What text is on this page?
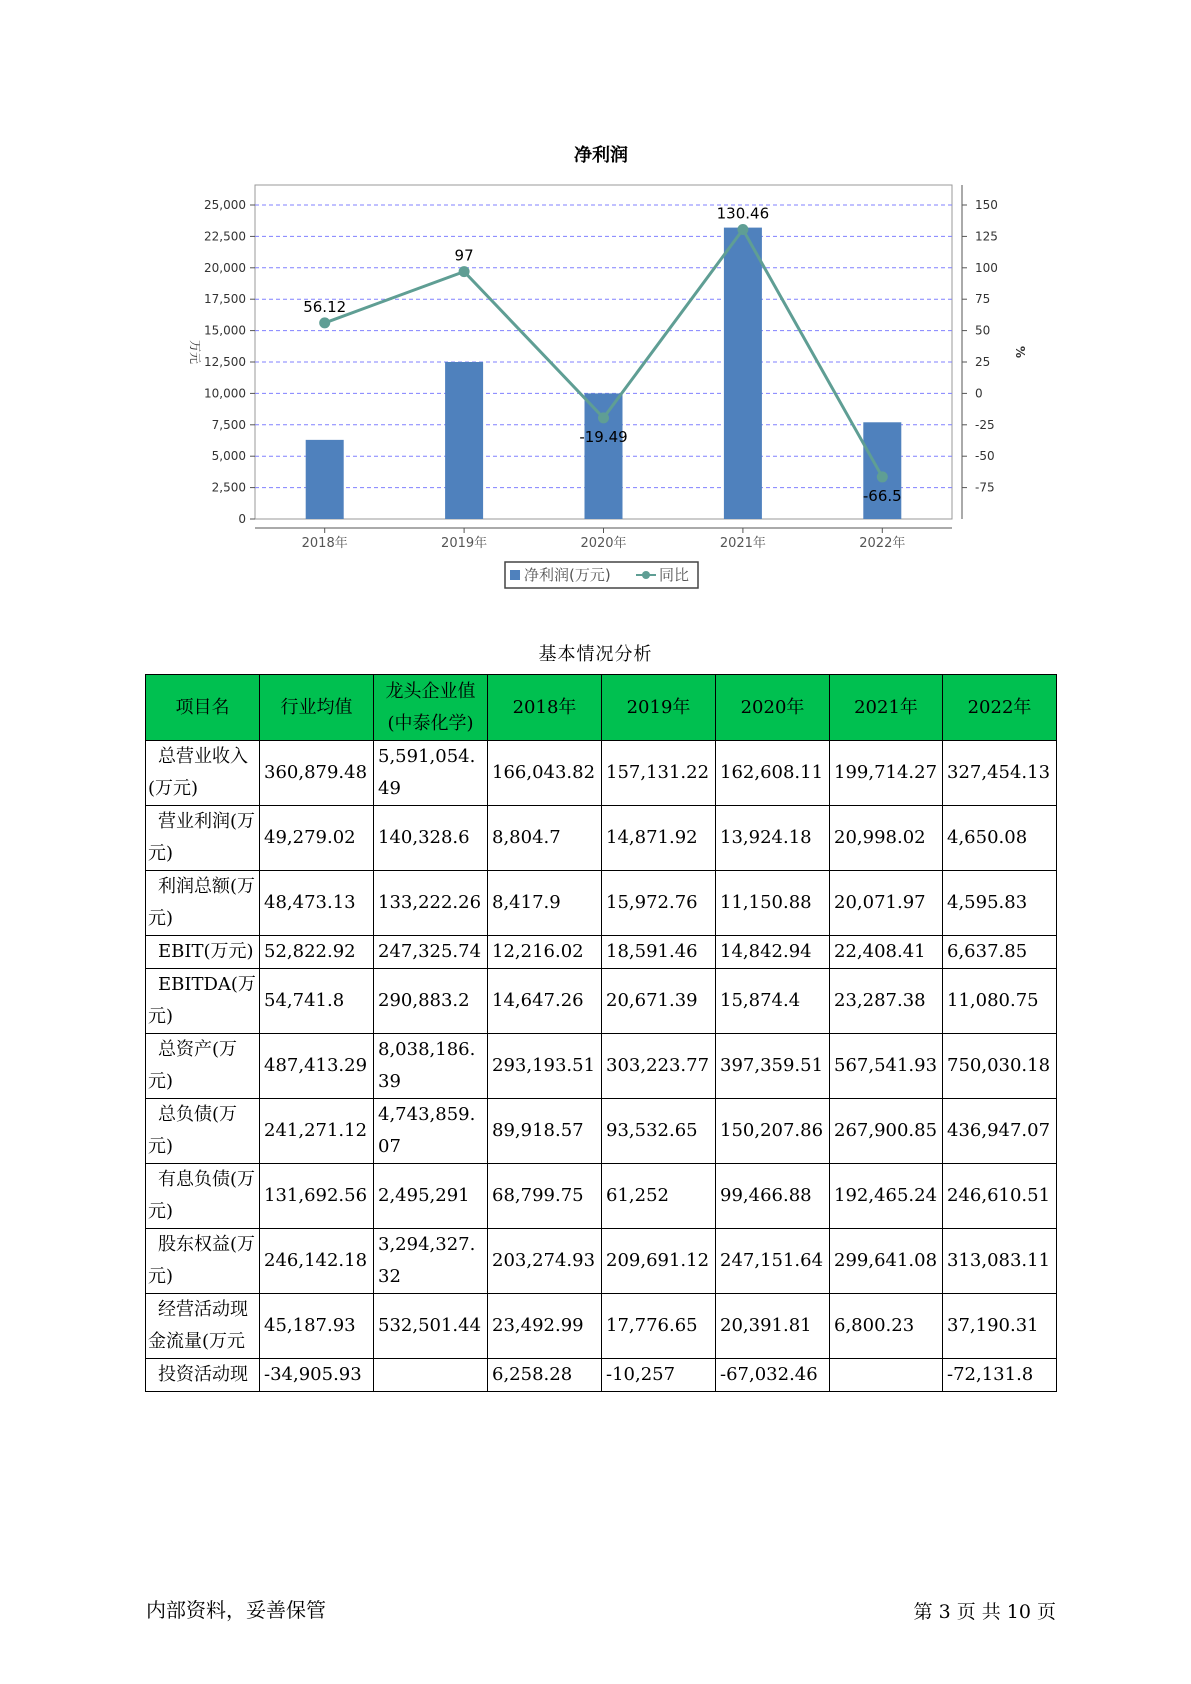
净利润
56.12
97
-19.49
130.46
-66.5
0
2,500
5,000
7,500
10,000
12,500
15,000
17,500
20,000
22,500
25,000
-75
-50
-25
0
25
50
75
100
125
150
万元	%
2018年	2019年	2020年	2021年	2022年
净利润(万元)	同比
基本情况分析
项目名	行业均值	龙头企业值(中泰化学)	2018年	2019年	2020年	2021年	2022年
总营业收入(万元)	360,879.48	5,591,054.49	166,043.82	157,131.22	162,608.11	199,714.27	327,454.13
营业利润(万元)	49,279.02	140,328.6	8,804.7	14,871.92	13,924.18	20,998.02	4,650.08
利润总额(万元)	48,473.13	133,222.26	8,417.9	15,972.76	11,150.88	20,071.97	4,595.83
EBIT(万元)	52,822.92	247,325.74	12,216.02	18,591.46	14,842.94	22,408.41	6,637.85
EBITDA(万元)	54,741.8	290,883.2	14,647.26	20,671.39	15,874.4	23,287.38	11,080.75
总资产(万元)	487,413.29	8,038,186.39	293,193.51	303,223.77	397,359.51	567,541.93	750,030.18
总负债(万元)	241,271.12	4,743,859.07	89,918.57	93,532.65	150,207.86	267,900.85	436,947.07
有息负债(万元)	131,692.56	2,495,291	68,799.75	61,252	99,466.88	192,465.24	246,610.51
股东权益(万元)	246,142.18	3,294,327.32	203,274.93	209,691.12	247,151.64	299,641.08	313,083.11
经营活动现金流量(万元	45,187.93	532,501.44	23,492.99	17,776.65	20,391.81	6,800.23	37,190.31
投资活动现	-34,905.93		6,258.28	-10,257	-67,032.46		-72,131.8
内部资料，妥善保管	第 3 页 共 10 页
